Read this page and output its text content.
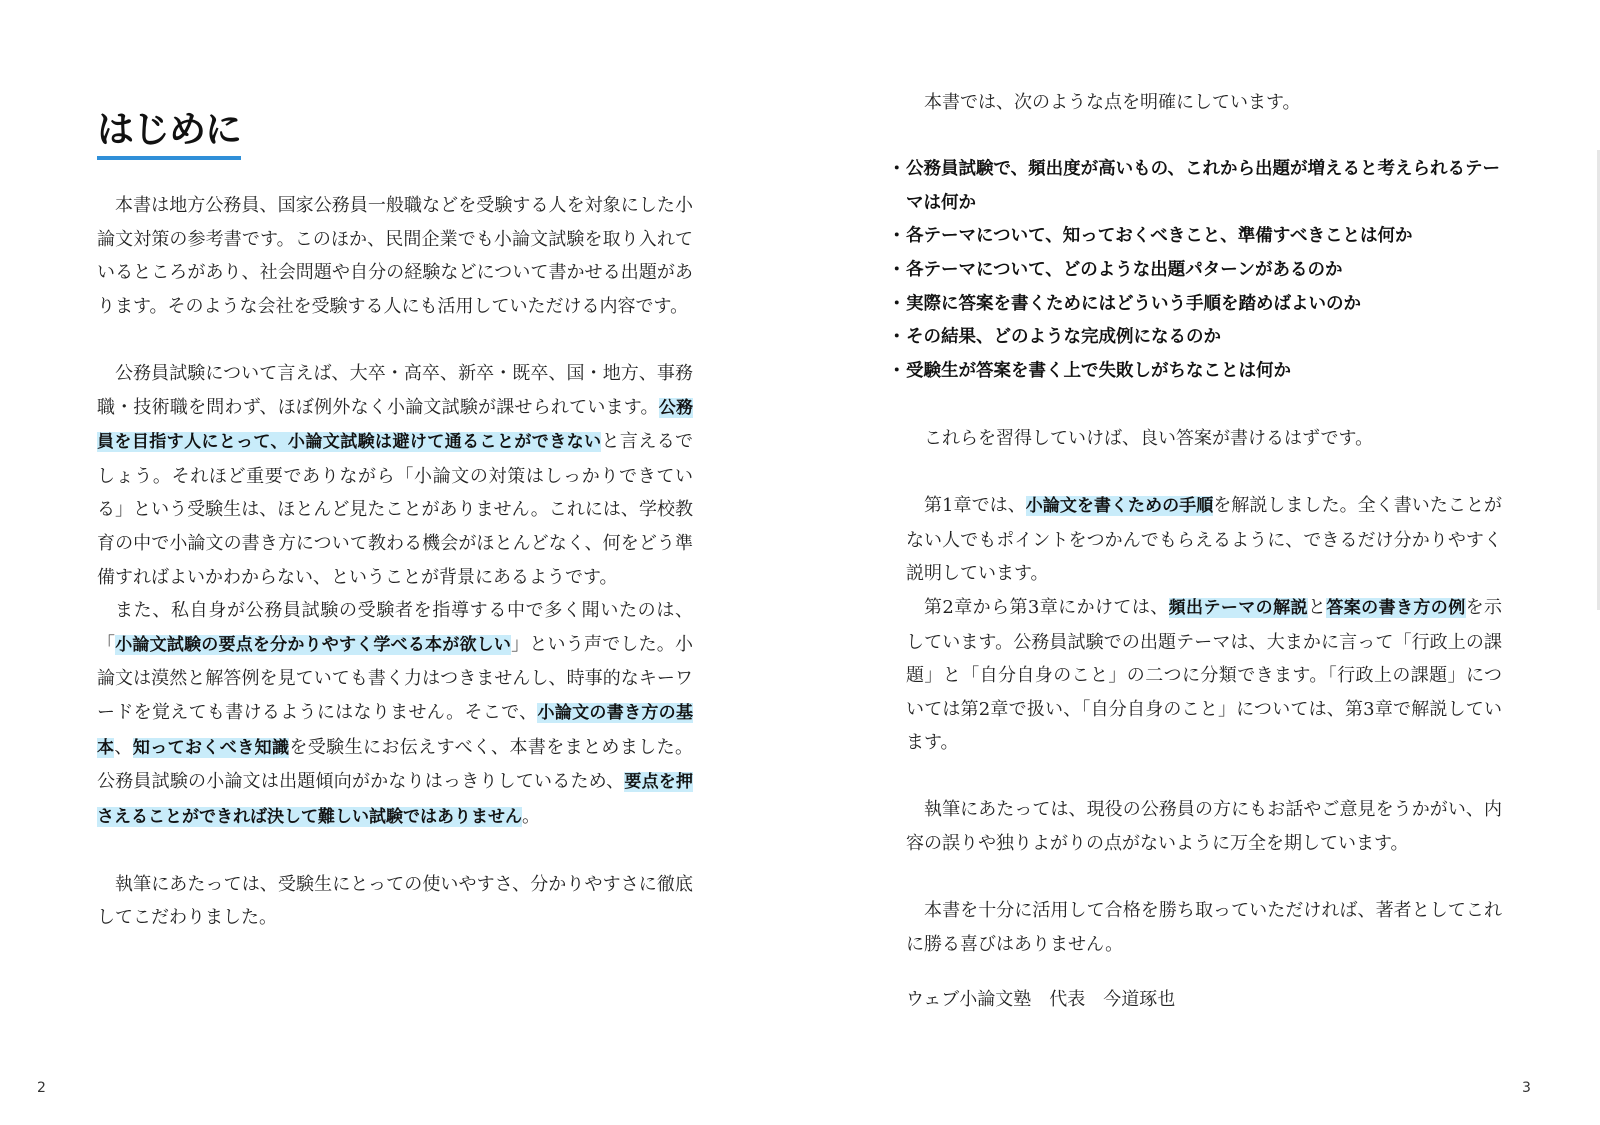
はじめに

本書は地方公務員、国家公務員一般職などを受験する人を対象にした小論文対策の参考書です。このほか、民間企業でも小論文試験を取り入れているところがあり、社会問題や自分の経験などについて書かせる出題があります。そのような会社を受験する人にも活用していただける内容です。

公務員試験について言えば、大卒・高卒、新卒・既卒、国・地方、事務職・技術職を問わず、ほぼ例外なく小論文試験が課せられています。公務員を目指す人にとって、小論文試験は避けて通ることができないと言えるでしょう。それほど重要でありながら「小論文の対策はしっかりできている」という受験生は、ほとんど見たことがありません。これには、学校教育の中で小論文の書き方について教わる機会がほとんどなく、何をどう準備すればよいかわからない、ということが背景にあるようです。

また、私自身が公務員試験の受験者を指導する中で多く聞いたのは、「小論文試験の要点を分かりやすく学べる本が欲しい」という声でした。小論文は漠然と解答例を見ていても書く力はつきませんし、時事的なキーワードを覚えても書けるようにはなりません。そこで、小論文の書き方の基本、知っておくべき知識を受験生にお伝えすべく、本書をまとめました。公務員試験の小論文は出題傾向がかなりはっきりしているため、要点を押さえることができれば決して難しい試験ではありません。

執筆にあたっては、受験生にとっての使いやすさ、分かりやすさに徹底してこだわりました。

2

本書では、次のような点を明確にしています。

・ 公務員試験で、頻出度が高いもの、これから出題が増えると考えられるテーマは何か
・ 各テーマについて、知っておくべきこと、準備すべきことは何か
・ 各テーマについて、どのような出題パターンがあるのか
・ 実際に答案を書くためにはどういう手順を踏めばよいのか
・ その結果、どのような完成例になるのか
・ 受験生が答案を書く上で失敗しがちなことは何か

これらを習得していけば、良い答案が書けるはずです。

第1章では、小論文を書くための手順を解説しました。全く書いたことがない人でもポイントをつかんでもらえるように、できるだけ分かりやすく説明しています。

第2章から第3章にかけては、頻出テーマの解説と答案の書き方の例を示しています。公務員試験での出題テーマは、大まかに言って「行政上の課題」と「自分自身のこと」の二つに分類できます。「行政上の課題」については第2章で扱い、「自分自身のこと」については、第3章で解説しています。

執筆にあたっては、現役の公務員の方にもお話やご意見をうかがい、内容の誤りや独りよがりの点がないように万全を期しています。

本書を十分に活用して合格を勝ち取っていただければ、著者としてこれに勝る喜びはありません。

ウェブ小論文塾　代表　今道琢也

3
